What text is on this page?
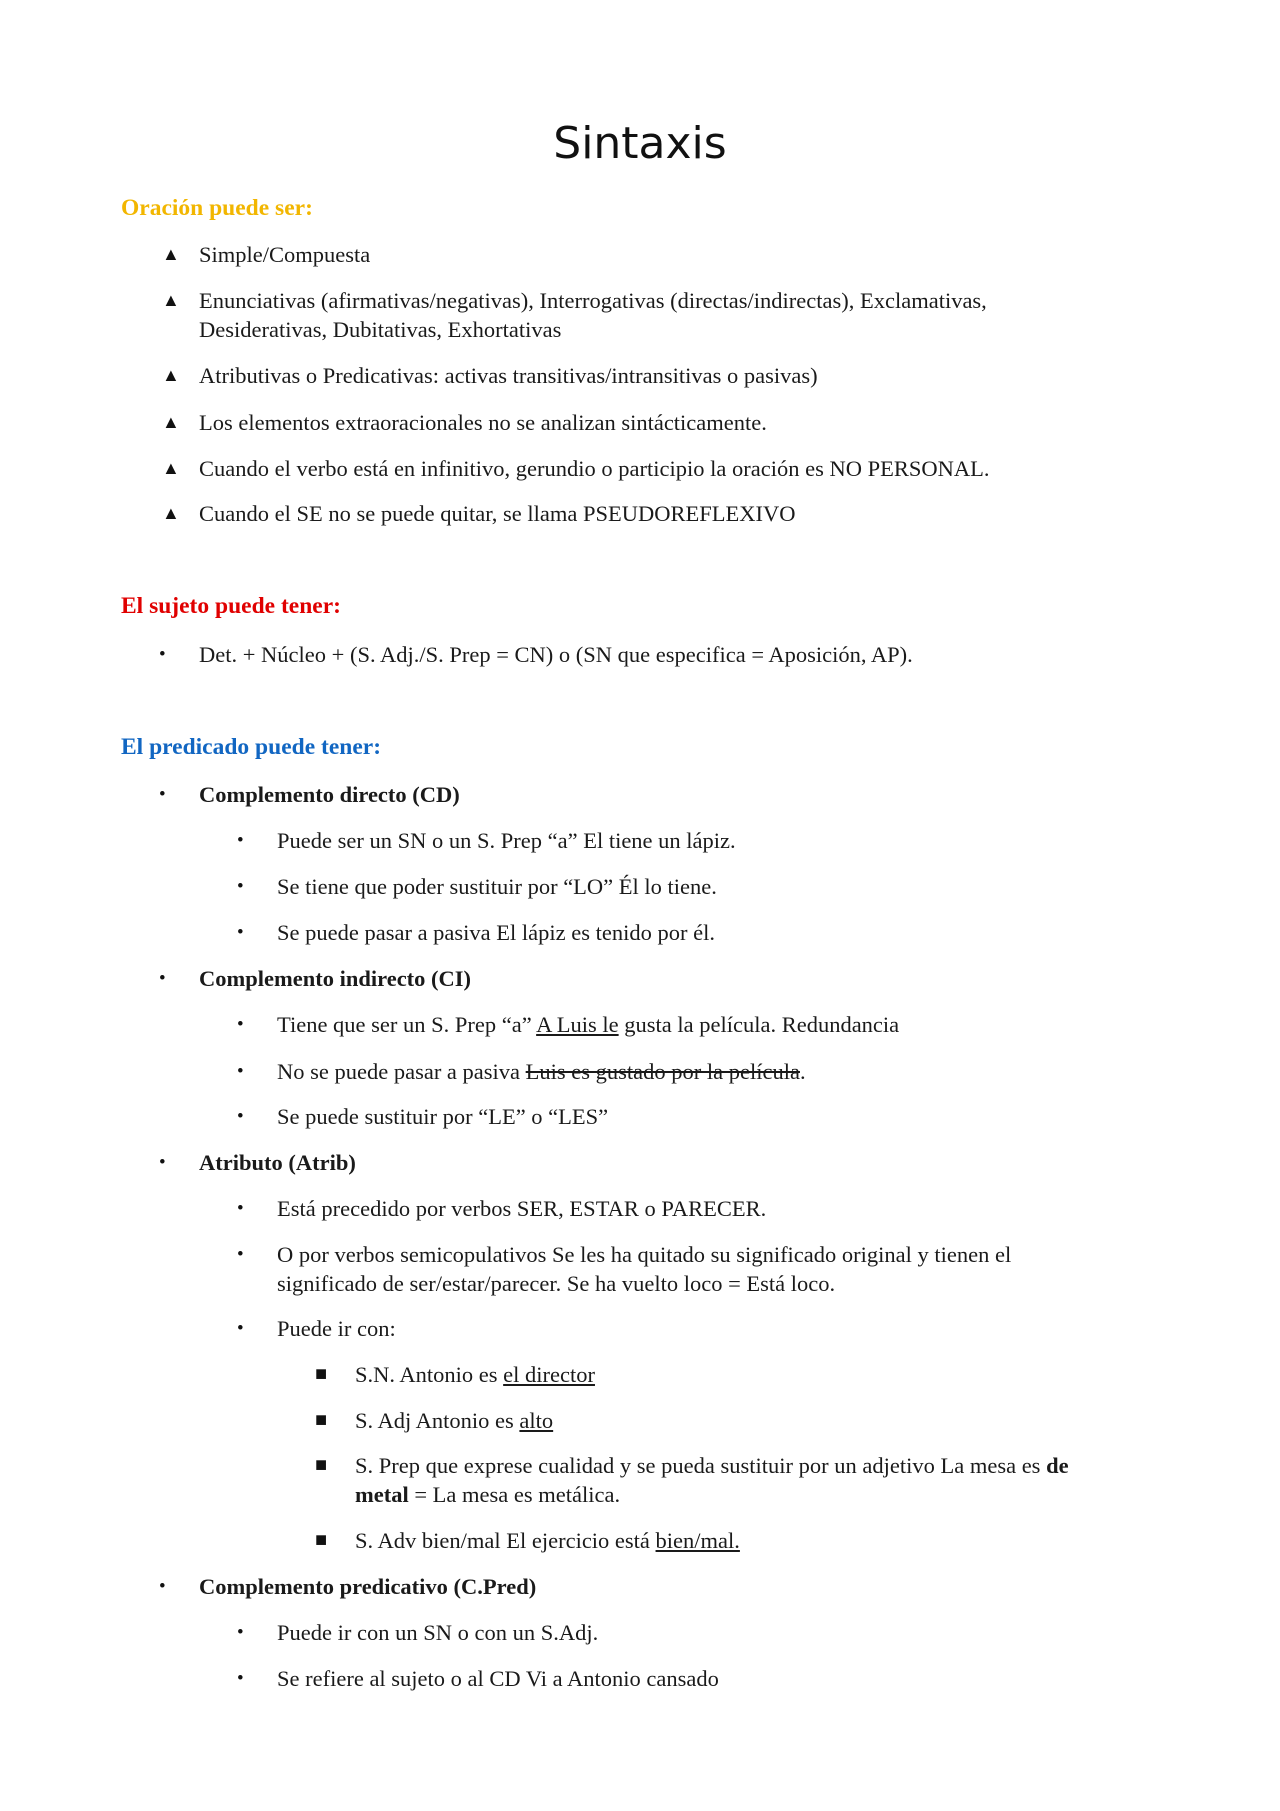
Sintaxis
Oración puede ser:
▲ Simple/Compuesta
▲ Enunciativas (afirmativas/negativas), Interrogativas (directas/indirectas), Exclamativas,
Desiderativas, Dubitativas, Exhortativas
▲ Atributivas o Predicativas: activas transitivas/intransitivas o pasivas)
▲ Los elementos extraoracionales no se analizan sintácticamente.
▲ Cuando el verbo está en infinitivo, gerundio o participio la oración es NO PERSONAL.
▲ Cuando el SE no se puede quitar, se llama PSEUDOREFLEXIVO
El sujeto puede tener:
• Det. + Núcleo + (S. Adj./S. Prep = CN) o (SN que especifica = Aposición, AP).
El predicado puede tener:
• Complemento directo (CD)
• Puede ser un SN o un S. Prep “a” El tiene un lápiz.
• Se tiene que poder sustituir por “LO” Él lo tiene.
• Se puede pasar a pasiva El lápiz es tenido por él.
• Complemento indirecto (CI)
• Tiene que ser un S. Prep “a” A Luis le gusta la película. Redundancia
• No se puede pasar a pasiva Luis es gustado por la película.
• Se puede sustituir por “LE” o “LES”
• Atributo (Atrib)
• Está precedido por verbos SER, ESTAR o PARECER.
• O por verbos semicopulativos Se les ha quitado su significado original y tienen el
significado de ser/estar/parecer. Se ha vuelto loco = Está loco.
• Puede ir con:
■ S.N. Antonio es el director
■ S. Adj Antonio es alto
■ S. Prep que exprese cualidad y se pueda sustituir por un adjetivo La mesa es de
metal = La mesa es metálica.
■ S. Adv bien/mal El ejercicio está bien/mal.
• Complemento predicativo (C.Pred)
• Puede ir con un SN o con un S.Adj.
• Se refiere al sujeto o al CD Vi a Antonio cansado
